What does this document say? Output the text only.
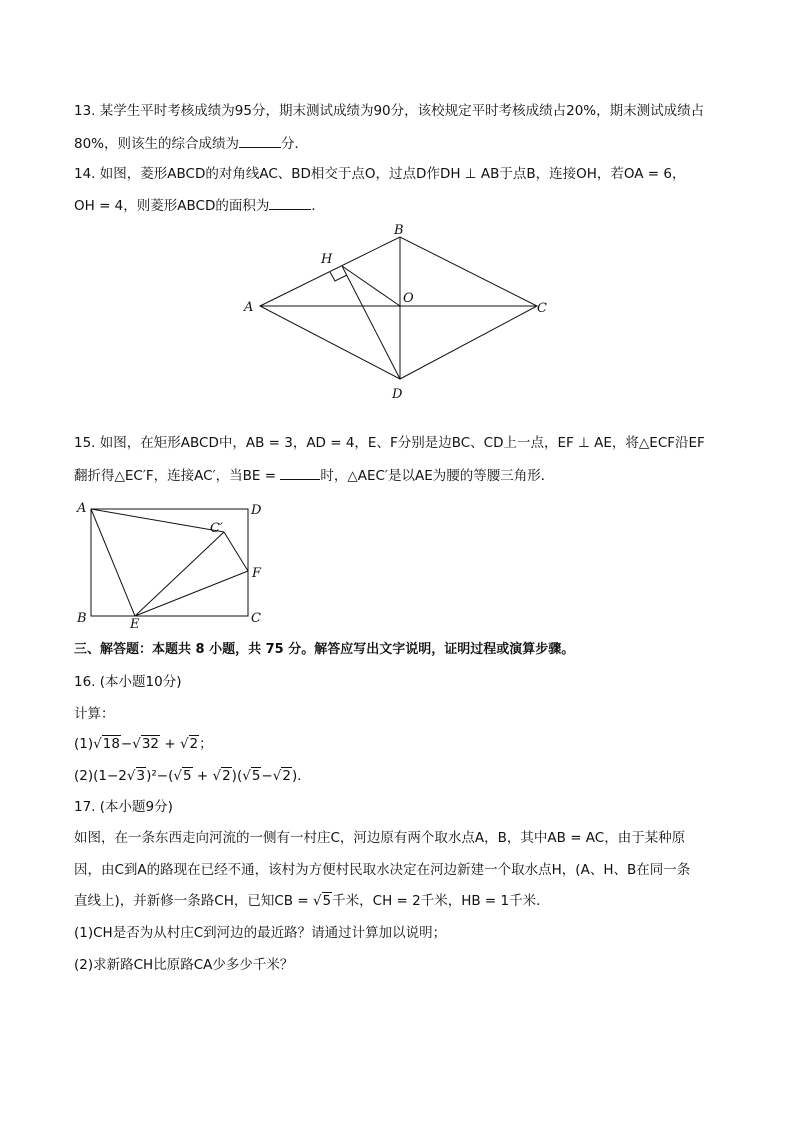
13. 某学生平时考核成绩为95分，期末测试成绩为90分，该校规定平时考核成绩占20%，期末测试成绩占
80%，则该生的综合成绩为	分．
14. 如图，菱形ABCD的对角线AC、BD相交于点O，过点D作DH ⊥ AB于点B，连接OH，若OA = 6，
OH = 4，则菱形ABCD的面积为	．
A
B
C
D
H
O
A
B	C
D
E
F
C′
15. 如图，在矩形ABCD中，AB = 3，AD = 4，E、F分别是边BC、CD上一点，EF ⊥ AE，将△ECF沿EF
翻折得△EC′F，连接AC′，当BE =	时，△AEC′是以AE为腰的等腰三角形．
三、解答题：本题共 8 小题，共 75 分。解答应写出文字说明，证明过程或演算步骤。
16. (本小题10分)
计算：
(1)√18−√32 + √2；
(2)(1−2√3)²−(√5 + √2)(√5−√2)．
17. (本小题9分)
如图，在一条东西走向河流的一侧有一村庄C，河边原有两个取水点A，B，其中AB = AC，由于某种原
因，由C到A的路现在已经不通，该村为方便村民取水决定在河边新建一个取水点H，(A、H、B在同一条
直线上)，并新修一条路CH，已知CB = √5千米，CH = 2千米，HB = 1千米．
(1)CH是否为从村庄C到河边的最近路？请通过计算加以说明；
(2)求新路CH比原路CA少多少千米？
